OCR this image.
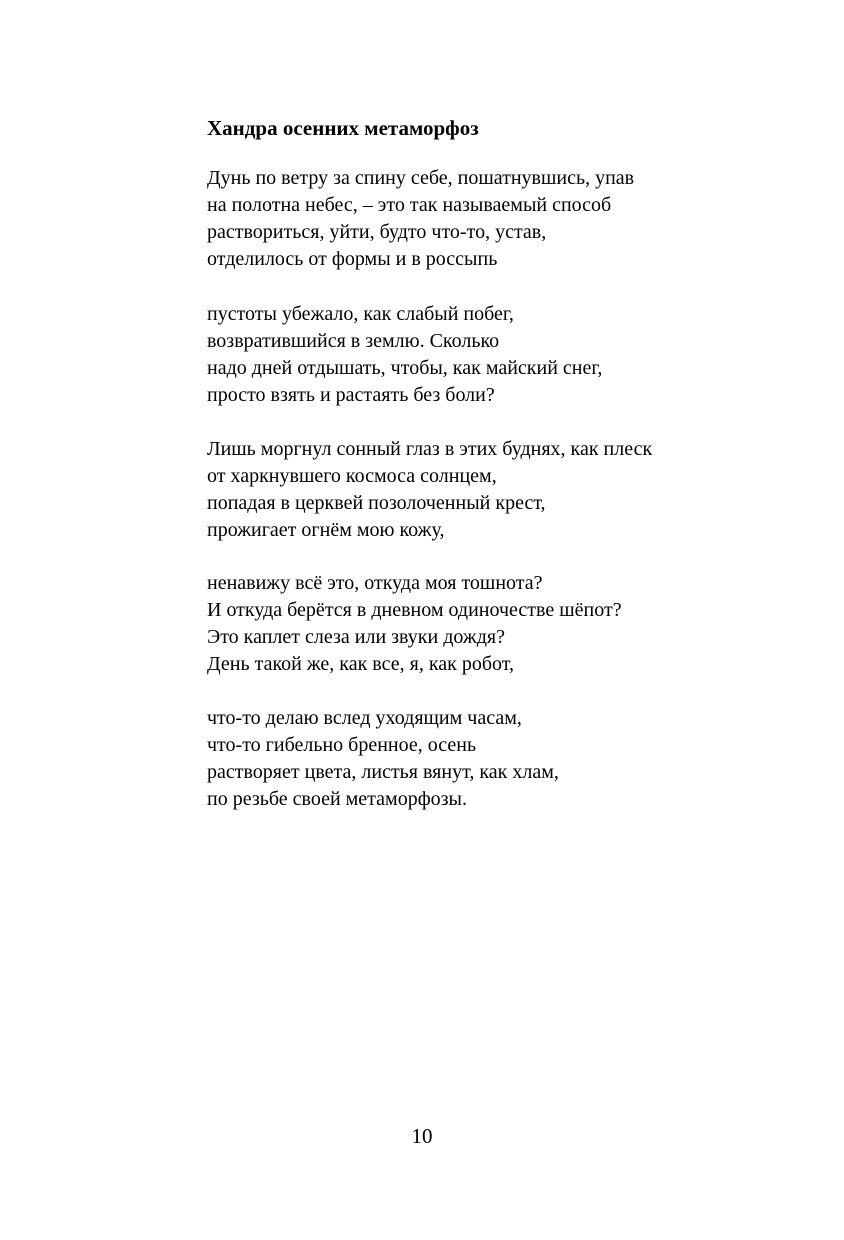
Хандра осенних метаморфоз
Дунь по ветру за спину себе, пошатнувшись, упав
на полотна небес, – это так называемый способ
раствориться, уйти, будто что-то, устав,
отделилось от формы и в россыпь
пустоты убежало, как слабый побег,
возвратившийся в землю. Сколько
надо дней отдышать, чтобы, как майский снег,
просто взять и растаять без боли?
Лишь моргнул сонный глаз в этих буднях, как плеск
от харкнувшего космоса солнцем,
попадая в церквей позолоченный крест,
прожигает огнём мою кожу,
ненавижу всё это, откуда моя тошнота?
И откуда берётся в дневном одиночестве шёпот?
Это каплет слеза или звуки дождя?
День такой же, как все, я, как робот,
что-то делаю вслед уходящим часам,
что-то гибельно бренное, осень
растворяет цвета, листья вянут, как хлам,
по резьбе своей метаморфозы.
10
